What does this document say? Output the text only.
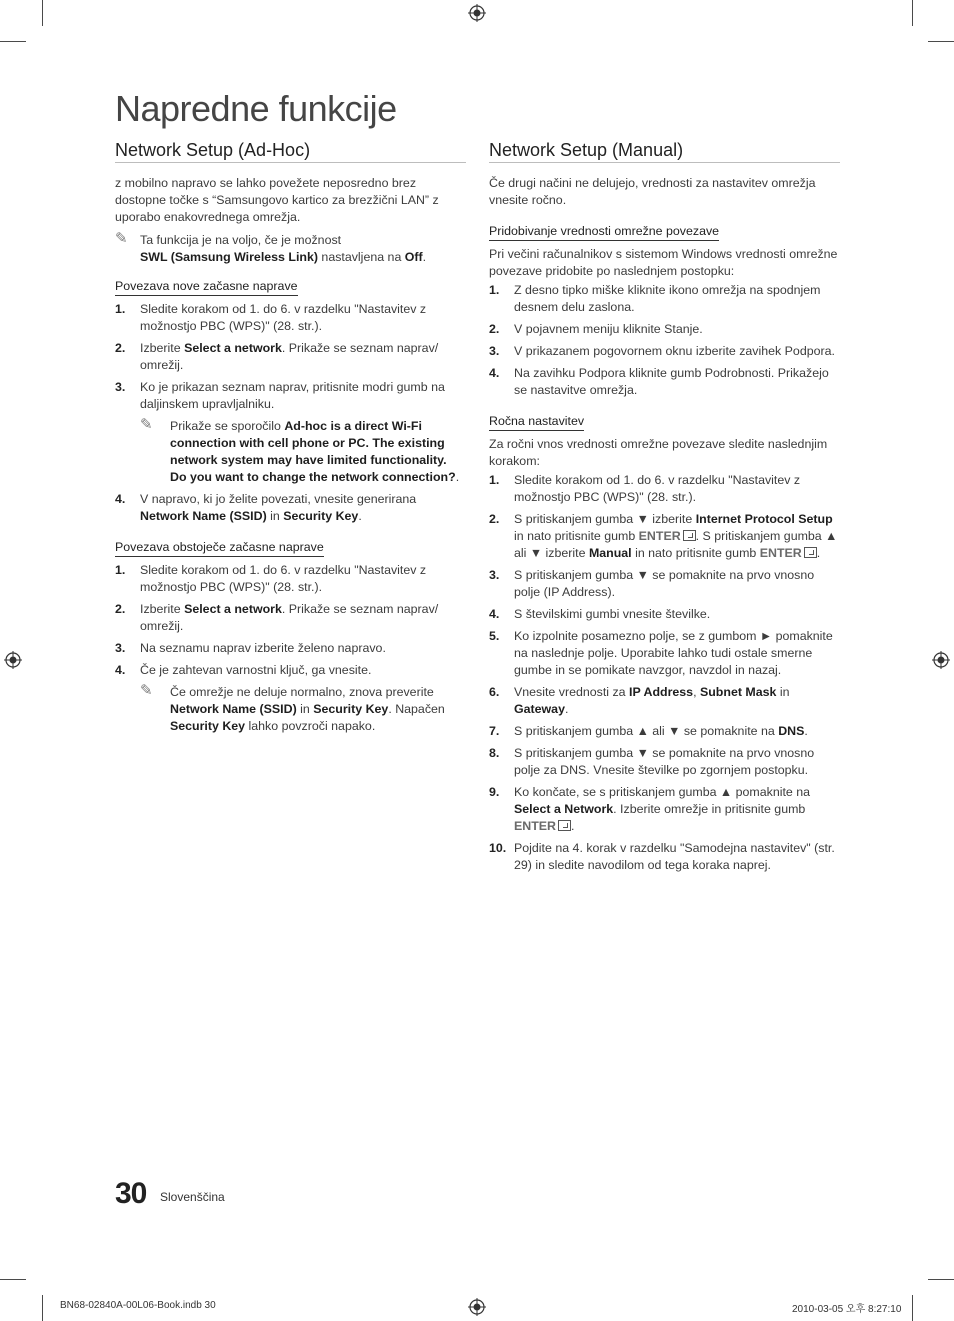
Napredne funkcije
Network Setup (Ad-Hoc)

z mobilno napravo se lahko povežete neposredno brez dostopne točke s “Samsungovo kartico za brezžični LAN” z uporabo enakovrednega omrežja.

✎ Ta funkcija je na voljo, če je možnost
SWL (Samsung Wireless Link) nastavljena na Off.
Povezava nove začasne naprave
1. Sledite korakom od 1. do 6. v razdelku "Nastavitev z možnostjo PBC (WPS)" (28. str.).
2. Izberite Select a network. Prikaže se seznam naprav/ omrežij.
3. Ko je prikazan seznam naprav, pritisnite modri gumb na daljinskem upravljalniku.
✎ Prikaže se sporočilo Ad-hoc is a direct Wi-Fi connection with cell phone or PC. The existing network system may have limited functionality. Do you want to change the network connection?.
4. V napravo, ki jo želite povezati, vnesite generirana Network Name (SSID) in Security Key.
Povezava obstoječe začasne naprave
1. Sledite korakom od 1. do 6. v razdelku "Nastavitev z možnostjo PBC (WPS)" (28. str.).
2. Izberite Select a network. Prikaže se seznam naprav/ omrežij.
3. Na seznamu naprav izberite želeno napravo.
4. Če je zahtevan varnostni ključ, ga vnesite.
✎ Če omrežje ne deluje normalno, znova preverite Network Name (SSID) in Security Key. Napačen Security Key lahko povzroči napako.
Network Setup (Manual)

Če drugi načini ne delujejo, vrednosti za nastavitev omrežja vnesite ročno.

Pridobivanje vrednosti omrežne povezave

Pri večini računalnikov s sistemom Windows vrednosti omrežne povezave pridobite po naslednjem postopku:

1. Z desno tipko miške kliknite ikono omrežja na spodnjem desnem delu zaslona.
2. V pojavnem meniju kliknite Stanje.
3. V prikazanem pogovornem oknu izberite zavihek Podpora.
4. Na zavihku Podpora kliknite gumb Podrobnosti. Prikažejo se nastavitve omrežja.
Ročna nastavitev

Za ročni vnos vrednosti omrežne povezave sledite naslednjim korakom:

1. Sledite korakom od 1. do 6. v razdelku "Nastavitev z možnostjo PBC (WPS)" (28. str.).
2. S pritiskanjem gumba ▼ izberite Internet Protocol Setup in nato pritisnite gumb ENTER . S pritiskanjem gumba ▲ ali ▼ izberite Manual in nato pritisnite gumb ENTER .
3. S pritiskanjem gumba ▼ se pomaknite na prvo vnosno polje (IP Address).
4. S številskimi gumbi vnesite številke.
5. Ko izpolnite posamezno polje, se z gumbom ► pomaknite na naslednje polje. Uporabite lahko tudi ostale smerne gumbe in se pomikate navzgor, navzdol in nazaj.
6. Vnesite vrednosti za IP Address, Subnet Mask in Gateway.
7. S pritiskanjem gumba ▲ ali ▼ se pomaknite na DNS.
8. S pritiskanjem gumba ▼ se pomaknite na prvo vnosno polje za DNS. Vnesite številke po zgornjem postopku.
9. Ko končate, se s pritiskanjem gumba ▲ pomaknite na Select a Network. Izberite omrežje in pritisnite gumb ENTER .
10. Pojdite na 4. korak v razdelku "Samodejna nastavitev" (str. 29) in sledite navodilom od tega koraka naprej.
30 Slovenščina
BN68-02840A-00L06-Book.indb 30	2010-03-05 오후 8:27:10
